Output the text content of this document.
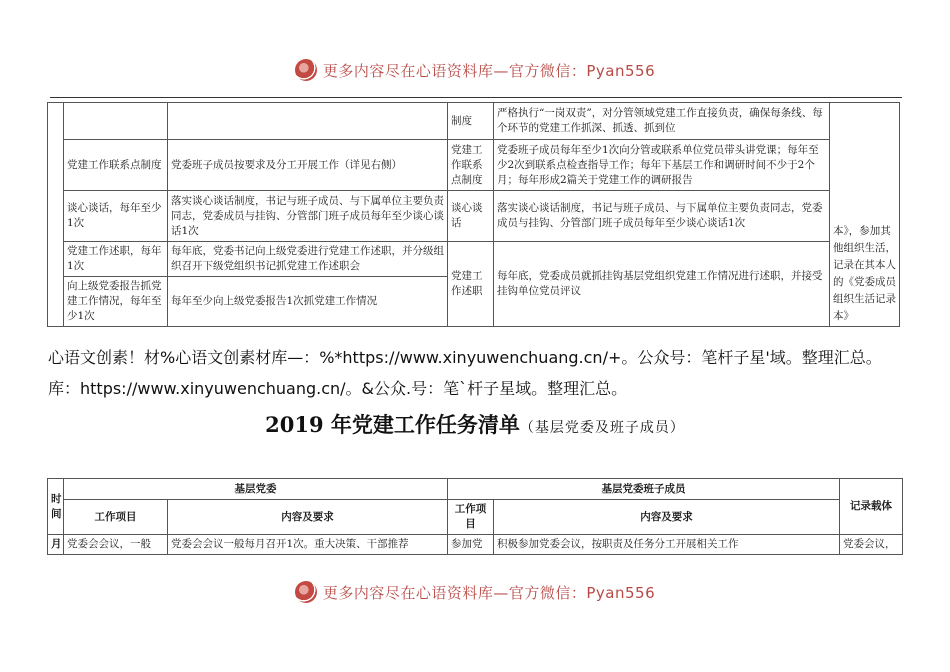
更多内容尽在心语资料库—官方微信：Pyan556
			制度	严格执行“一岗双责”，对分管领域党建工作直接负责，确保每条线、每个环节的党建工作抓深、抓透、抓到位	本》，参加其他组织生活，记录在其本人的《党委成员组织生活记录本》
	党建工作联系点制度	党委班子成员按要求及分工开展工作（详见右侧）	党建工作联系点制度	党委班子成员每年至少1次向分管或联系单位党员带头讲党课；每年至少2次到联系点检查指导工作；每年下基层工作和调研时间不少于2个月；每年形成2篇关于党建工作的调研报告	
	谈心谈话，每年至少1次	落实谈心谈话制度，书记与班子成员、与下属单位主要负责同志，党委成员与挂钩、分管部门班子成员每年至少谈心谈话1次	谈心谈话	落实谈心谈话制度，书记与班子成员、与下属单位主要负责同志，党委成员与挂钩、分管部门班子成员每年至少谈心谈话1次	
	党建工作述职，每年1次	每年底，党委书记向上级党委进行党建工作述职，并分级组织召开下级党组织书记抓党建工作述职会	党建工作述职	每年底，党委成员就抓挂钩基层党组织党建工作情况进行述职，并接受挂钩单位党员评议	
	向上级党委报告抓党建工作情况，每年至少1次	每年至少向上级党委报告1次抓党建工作情况			
心语文创素！材%心语文创素材库—：%*https://www.xinyuwenchuang.cn/+。公众号：笔杆子星'域。整理汇总。
库：https://www.xinyuwenchuang.cn/。&公众.号：笔`杆子星域。整理汇总。
2019 年党建工作任务清单（基层党委及班子成员）
时间	基层党委		基层党委班子成员		记录载体
	工作项目	内容及要求	工作项目	内容及要求	
月	党委会会议，一般	党委会会议一般每月召开1次。重大决策、干部推荐	参加党	积极参加党委会议，按职责及任务分工开展相关工作	党委会议，
更多内容尽在心语资料库—官方微信：Pyan556
